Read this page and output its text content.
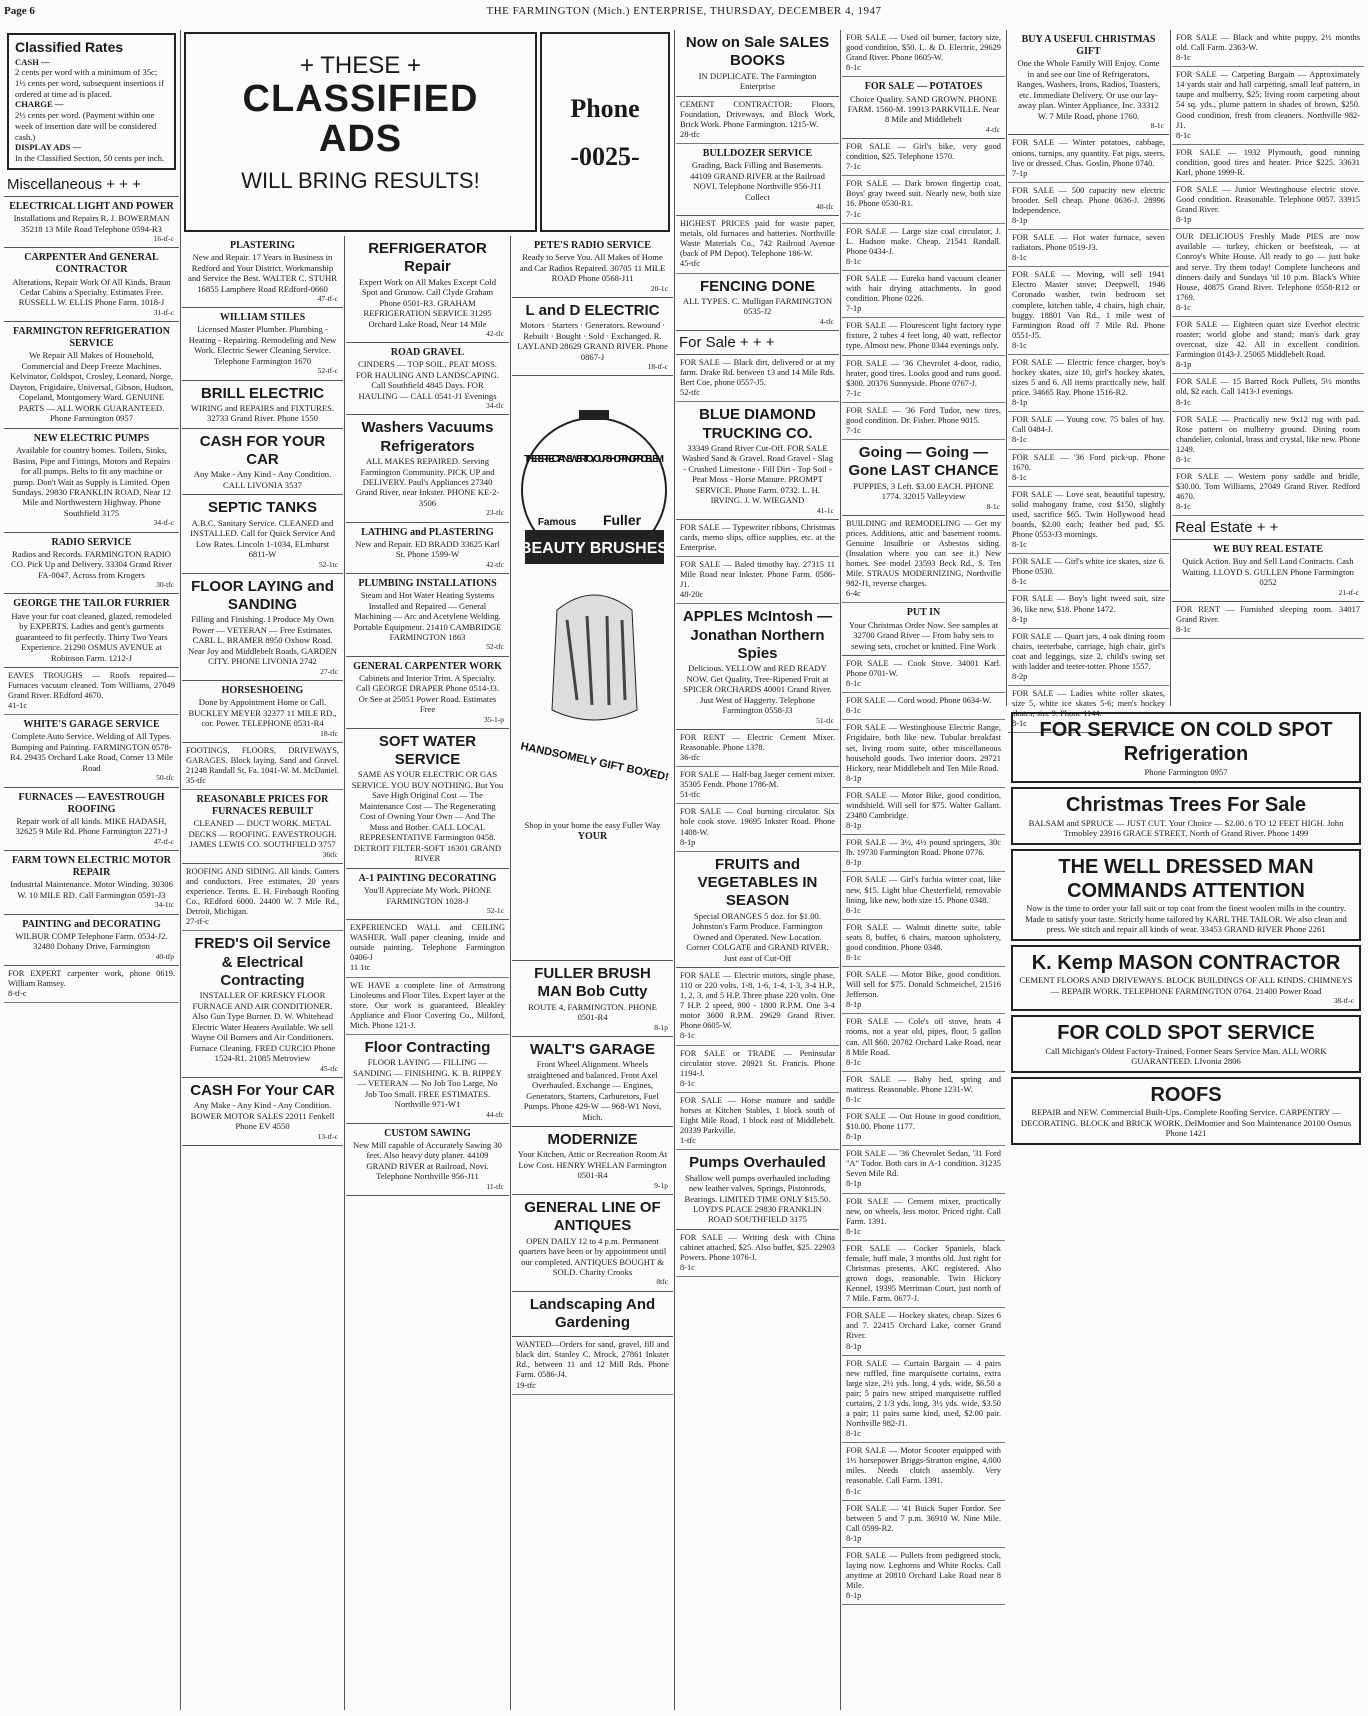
Page 6	THE FARMINGTON (Mich.) ENTERPRISE, THURSDAY, DECEMBER 4, 1947
Classified Rates
CASH —
2 cents per word with a minimum of 35c; 1½ cents per word, subsequent insertions if ordered at time ad is placed.
CHARGE —
2½ cents per word. (Payment within one week of insertion date will be considered cash.)
DISPLAY ADS —
In the Classified Section, 50 cents per inch.
Miscellaneous + + +
ELECTRICAL LIGHT AND POWER
Installations and Repairs R. J. BOWERMAN 35218 13 Mile Road Telephone 0594-R3
16-tf-c
CARPENTER And GENERAL CONTRACTOR
Alterations, Repair Work Of All Kinds. Braun Cedar Cabins a Specialty. Estimates Free. RUSSELL W. ELLIS Phone Farm. 1018-J
31-tf-c
FARMINGTON REFRIGERATION SERVICE
We Repair All Makes of Household, Commercial and Deep Freeze Machines. Kelvinator, Coldspot, Crosley, Leonard, Norge, Dayton, Frigidaire, Universal, Gibson, Hudson, Copeland, Montgomery Ward. GENUINE PARTS — ALL WORK GUARANTEED. Phone Farmington 0957
NEW ELECTRIC PUMPS
Available for country homes. Toilets, Sinks, Basins, Pipe and Fittings, Motors and Repairs for all pumps. Belts to fit any machine or pump. Don't Wait as Supply is Limited. Open Sundays. 29830 FRANKLIN ROAD, Near 12 Mile and Northwestern Highway. Phone Southfield 3175
34-tf-c
RADIO SERVICE
Radios and Records. FARMINGTON RADIO CO. Pick Up and Delivery. 33304 Grand River FA-0047. Across from Krogers
30-tfc
GEORGE THE TAILOR FURRIER
Have your fur coat cleaned, glazed, remodeled by EXPERTS. Ladies and gent's garments guaranteed to fit perfectly. Thirty Two Years Experience. 21290 OSMUS AVENUE at Robinson Farm. 1212-J
EAVES TROUGHS — Roofs repaired—Furnaces vacuum cleaned. Tom Williams, 27049 Grand River. REdford 4670.
41-1c
WHITE'S GARAGE SERVICE
Complete Auto Service. Welding of All Types. Bumping and Painting. FARMINGTON 0578-R4. 29435 Orchard Lake Road, Corner 13 Mile Road
50-tfc
FURNACES — EAVESTROUGH ROOFING
Repair work of all kinds. MIKE HADASH, 32625 9 Mile Rd. Phone Farmington 2271-J
47-tf-c
FARM TOWN ELECTRIC MOTOR REPAIR
Industrial Maintenance. Motor Winding. 30306 W. 10 MILE RD. Call Farmington 0591-J3
34-1tc
PAINTING and DECORATING
WILBUR COMP Telephone Farm. 0534-J2. 32480 Dohany Drive, Farmington
40-tfp
FOR EXPERT carpenter work, phone 0619. William Ramsey.
8-tf-c
+ THESE +
CLASSIFIED
ADS
WILL BRING RESULTS!
Phone
-0025-
PLASTERING
New and Repair. 17 Years in Business in Redford and Your District. Workmanship and Service the Best. WALTER C. STUHR 16855 Lamphere Road REdford-0660
47-tf-c
WILLIAM STILES
Licensed Master Plumber. Plumbing - Heating - Repairing. Remodeling and New Work. Electric Sewer Cleaning Service. Telephone Farmington 1670
52-tf-c
BRILL ELECTRIC
WIRING and REPAIRS and FIXTURES. 32733 Grand River. Phone 1550
CASH FOR YOUR CAR
Any Make - Any Kind - Any Condition. CALL LIVONIA 3537
SEPTIC TANKS
A.B.C. Sanitary Service. CLEANED and INSTALLED. Call for Quick Service And Low Rates. Lincoln 1-1034, ELmhurst 6811-W
52-1tc
FLOOR LAYING and SANDING
Filling and Finishing. I Produce My Own Power — VETERAN — Free Estimates. CARL L. BRAMER 8950 Oxbow Road. Near Joy and Middlebelt Roads, GARDEN CITY. PHONE LIVONIA 2742
27-tfc
HORSESHOEING
Done by Appointment Home or Call. BUCKLEY MEYER 32377 11 MILE RD., cor. Power. TELEPHONE 0531-R4
18-tfc
FOOTINGS, FLOORS, DRIVEWAYS, GARAGES. Block laying. Sand and Gravel. 21248 Randall St. Fa. 1041-W. M. McDaniel.
35-tfc
REASONABLE PRICES FOR FURNACES REBUILT
CLEANED — DUCT WORK. METAL DECKS — ROOFING. EAVESTROUGH. JAMES LEWIS CO. SOUTHFIELD 3757
36tfc
ROOFING AND SIDING. All kinds. Gutters and conductors. Free estimates, 20 years experience. Terms. E. H. Firebaugh Roofing Co., REdford 6000. 24400 W. 7 Mile Rd., Detroit, Michigan.
27-tf-c
FRED'S Oil Service & Electrical Contracting
INSTALLER OF KRESKY FLOOR FURNACE AND AIR CONDITIONER. Also Gun Type Burner. D. W. Whitehead Electric Water Heaters Available. We sell Wayne Oil Burners and Air Conditioners. Furnace Cleaning. FRED CURCIO Phone 1524-R1. 21085 Metroview
45-tfc
CASH For Your CAR
Any Make - Any Kind - Any Condition. BOWER MOTOR SALES 22011 Fenkell Phone EV 4550
13-tf-c
REFRIGERATOR Repair
Expert Work on All Makes Except Cold Spot and Grunow. Call Clyde Graham Phone 0501-R3. GRAHAM REFRIGERATION SERVICE 31295 Orchard Lake Road, Near 14 Mile
42-tfc
ROAD GRAVEL
CINDERS — TOP SOIL. PEAT MOSS. FOR HAULING AND LANDSCAPING. Call Southfield 4845 Days. FOR HAULING — CALL 0541-J1 Evenings
34-tfc
Washers Vacuums Refrigerators
ALL MAKES REPAIRED. Serving Farmington Community. PICK UP and DELIVERY. Paul's Appliances 27340 Grand River, near Inkster. PHONE KE-2-3506
23-tfc
LATHING and PLASTERING
New and Repair. ED BRADD 33625 Karl St. Phone 1599-W
42-tfc
PLUMBING INSTALLATIONS
Steam and Hot Water Heating Systems Installed and Repaired — General Machining — Arc and Acetylene Welding. Portable Equipment. 21410 CAMBRIDGE FARMINGTON 1863
52-tfc
GENERAL CARPENTER WORK
Cabinets and Interior Trim. A Specialty. Call GEORGE DRAPER Phone 0514-J3. Or See at 25051 Power Road. Estimates Free
35-1-p
SOFT WATER SERVICE
SAME AS YOUR ELECTRIC OR GAS SERVICE. YOU BUY NOTHING. But You Save High Original Cost — The Maintenance Cost — The Regenerating Cost of Owning Your Own — And The Muss and Bother. CALL LOCAL REPRESENTATIVE Farmington 0458. DETROIT FILTER-SOFT 16301 GRAND RIVER
A-1 PAINTING DECORATING
You'll Appreciate My Work. PHONE FARMINGTON 1028-J
52-1c
EXPERIENCED WALL and CEILING WASHER. Wall paper cleaning, inside and outside painting. Telephone Farmington 0406-J
11 1tc
WE HAVE a complete line of Armstrong Linoleums and Floor Tiles. Expert layer at the store. Our work is guaranteed. Bleakley Appliance and Floor Covering Co., Milford, Mich. Phone 121-J.
Floor Contracting
FLOOR LAYING — FILLING — SANDING — FINISHING. K. B. RIPPEY — VETERAN — No Job Too Large, No Job Too Small. FREE ESTIMATES. Northville 971-W1
44-tfc
CUSTOM SAWING
New Mill capable of Accurately Sawing 30 feet. Also heavy duty planer. 44109 GRAND RIVER at Railroad, Novi. Telephone Northville 956-J11
11-tfc
PETE'S RADIO SERVICE
Ready to Serve You. All Makes of Home and Car Radios Repaired. 30705 11 MILE ROAD Phone 0568-J11
20-1c
L and D ELECTRIC
Motors · Starters · Generators. Rewound · Rebuilt · Bought · Sold · Exchanged. R. LAYLAND 28629 GRAND RIVER. Phone 0867-J
18-tf-c
THE PERFECT ANSWER TO YOUR SHOPPING PROBLEM
Famous Fuller
BEAUTY BRUSHES
HANDSOMELY GIFT BOXED!
Shop in your home the easy Fuller Way
YOUR
FULLER BRUSH MAN Bob Cutty
ROUTE 4, FARMINGTON. PHONE 0501-R4
8-1p
WALT'S GARAGE
Front Wheel Alignment. Wheels straightened and balanced. Front Axel Overhauled. Exchange — Engines, Generators, Starters, Carburetors, Fuel Pumps. Phone 429-W — 968-W1 Novi, Mich.
MODERNIZE
Your Kitchen, Attic or Recreation Room At Low Cost. HENRY WHELAN Farmington 0501-R4
9-1p
GENERAL LINE OF ANTIQUES
OPEN DAILY 12 to 4 p.m. Permanent quarters have been or by appointment until our completed. ANTIQUES BOUGHT & SOLD. Charity Crooks
8tfc
Landscaping And Gardening
WANTED—Orders for sand, gravel, fill and black dirt. Stanley C. Mrock, 27861 Inkster Rd., between 11 and 12 Mill Rds. Phone Farm. 0586-J4.
19-tfc
Now on Sale SALES BOOKS
IN DUPLICATE. The Farmington Enterprise
CEMENT CONTRACTOR: Floors, Foundation, Driveways, and Block Work, Brick Work. Phone Farmington. 1215-W.
28-tfc
BULLDOZER SERVICE
Grading, Back Filling and Basements. 44109 GRAND RIVER at the Railroad NOVI. Telephone Northville 956-J11 Collect
48-tfc
HIGHEST PRICES paid for waste paper, metals, old furnaces and batteries. Northville Waste Materials Co., 742 Railroad Avenue (back of PM Depot). Telephone 186-W.
45-tfc
FENCING DONE
ALL TYPES. C. Mulligan FARMINGTON 0535-J2
4-tfc
For Sale + + +
FOR SALE — Black dirt, delivered or at my farm. Drake Rd. between 13 and 14 Mile Rds. Bert Coe, phone 0557-J5.
52-tfc
BLUE DIAMOND TRUCKING CO.
33349 Grand River Cut-Off. FOR SALE Washed Sand & Gravel. Road Gravel - Slag - Crushed Limestone - Fill Dirt - Top Soil - Peat Moss - Horse Manure. PROMPT SERVICE. Phone Farm. 0732. L. H. IRVING. J. W. WIEGAND
41-1c
FOR SALE — Typewriter ribbons, Christmas cards, memo slips, office supplies, etc. at the Enterprise.
FOR SALE — Baled timothy hay. 27315 11 Mile Road near Inkster. Phone Farm. 0586-J1.
48-20c
APPLES McIntosh — Jonathan Northern Spies
Delicious. YELLOW and RED READY NOW. Get Quality, Tree-Ripened Fruit at SPICER ORCHARDS 40001 Grand River. Just West of Haggerty. Telephone Farmington 0558-J3
51-tfc
FOR RENT — Electric Cement Mixer. Reasonable. Phone 1378.
36-tfc
FOR SALE — Half-bag Jaeger cement mixer. 35305 Fendt. Phone 1786-M.
51-tfc
FOR SALE — Coal burning circulator. Six hole cook stove. 19695 Inkster Road. Phone 1408-W.
8-1p
FRUITS and VEGETABLES IN SEASON
Special ORANGES 5 doz. for $1.00. Johnston's Farm Produce. Farmington Owned and Operated. New Location. Corner COLGATE and GRAND RIVER. Just east of Cut-Off
FOR SALE — Electric motors, single phase, 110 or 220 volts, 1-8, 1-6, 1-4, 1-3, 3-4 H.P., 1, 2, 3, and 5 H.P. Three phase 220 volts. One 7 H.P. 2 speed, 900 - 1800 R.P.M. One 3-4 motor 3600 R.P.M. 29629 Grand River. Phone 0605-W.
8-1c
FOR SALE or TRADE — Peninsular circulator stove. 20921 St. Francis. Phone 1194-J.
8-1c
FOR SALE — Horse manure and saddle horses at Kitchen Stables, 1 block south of Eight Mile Road, 1 block east of Middlebelt. 20339 Parkville.
1-tfc
Pumps Overhauled
Shallow well pumps overhauled including new leather valves, Springs, Pistonrods, Bearings. LIMITED TIME ONLY $15.50. LOYD'S PLACE 29830 FRANKLIN ROAD SOUTHFIELD 3175
FOR SALE — Writing desk with China cabinet attached, $25. Also buffet, $25. 22903 Powers. Phone 1076-J.
8-1c
FOR SALE — Used oil burner, factory size, good condition, $50. L. & D. Electric, 29629 Grand River. Phone 0605-W.
8-1c
FOR SALE — POTATOES
Choice Quality. SAND GROWN. PHONE FARM. 1560-M. 19913 PARKVILLE. Near 8 Mile and Middlebelt
4-tfc
FOR SALE — Girl's bike, very good condition, $25. Telephone 1570.
7-1c
FOR SALE — Dark brown fingertip coat, Boys' gray tweed suit. Nearly new, both size 16. Phone 0530-R1.
7-1c
FOR SALE — Large size coal circulator, J. L. Hudson make. Cheap. 21541 Randall. Phone 0434-J.
8-1c
FOR SALE — Eureka hand vacuum cleaner with hair drying attachments. In good condition. Phone 0226.
7-1p
FOR SALE — Flourescent light factory type fixture, 2 tubes 4 feet long, 40 watt, reflector type. Almost new. Phone 0344 evenings only.
FOR SALE — '36 Chevrolet 4-door, radio, heater, good tires. Looks good and runs good. $300. 20376 Sunnyside. Phone 0767-J.
7-1c
FOR SALE — '36 Ford Tudor, new tires, good condition. Dr. Fisher. Phone 9015.
7-1c
Going — Going — Gone LAST CHANCE
PUPPIES, 3 Left. $3.00 EACH. PHONE 1774. 32015 Valleyview
8-1c
BUILDING and REMODELING — Get my prices. Additions, attic and basement rooms. Genuine Insulbrie or Asbestos siding. (Insulation where you can see it.) New homes. See model 23593 Beck Rd., S. Ten Mile. STRAUS MODERNIZING, Northville 982-J1, reverse charges.
6-4c
PUT IN
Your Christmas Order Now. See samples at 32700 Grand River — From baby sets to sewing sets, crochet or knitted. Fine Work
FOR SALE — Cook Stove. 34001 Karl. Phone 0701-W.
8-1c
FOR SALE — Cord wood. Phone 0634-W.
8-1c
FOR SALE — Westinghouse Electric Range, Frigidaire, both like new. Tubular breakfast set, living room suite, other miscellaneous household goods. Two interior doors. 29721 Hickory, near Middlebelt and Ten Mile Road.
8-1p
FOR SALE — Motor Bike, good condition, windshield. Will sell for $75. Walter Gallant. 23480 Cambridge.
8-1p
FOR SALE — 3½, 4½ pound springers, 30c lb. 19730 Farmington Road. Phone 0776.
8-1p
FOR SALE — Girl's fuchia winter coat, like new, $15. Light blue Chesterfield, removable lining, like new, both size 15. Phone 0348.
8-1c
FOR SALE — Walnut dinette suite, table seats 8, buffet, 6 chairs, maroon upholstery, good condition. Phone 0348.
8-1c
FOR SALE — Motor Bike, good condition. Will sell for $75. Donald Schmeichel, 21516 Jefferson.
8-1p
FOR SALE — Cole's oil stove, heats 4 rooms, not a year old, pipes, floor, 5 gallon can. All $60. 20782 Orchard Lake Road, near 8 Mile Road.
8-1c
FOR SALE — Baby bed, spring and mattress. Reasonable. Phone 1231-W.
8-1c
FOR SALE — Out House in good condition, $10.00. Phone 1177.
8-1p
FOR SALE — '36 Chevrolet Sedan, '31 Ford "A" Tudor. Both cars in A-1 condition. 31235 Seven Mile Rd.
8-1p
FOR SALE — Cement mixer, practically new, on wheels, less motor. Priced right. Call Farm. 1391.
8-1c
FOR SALE — Cocker Spaniels, black female, buff male, 3 months old. Just right for Christmas presents. AKC registered. Also grown dogs, reasonable. Twin Hickory Kennel, 19395 Merriman Court, just north of 7 Mile. Farm. 0677-J.
FOR SALE — Hockey skates, cheap. Sizes 6 and 7. 22415 Orchard Lake, corner Grand River.
8-1p
FOR SALE — Curtain Bargain — 4 pairs new ruffled, fine marquisette curtains, extra large size, 2½ yds. long, 4 yds. wide, $6.50 a pair; 5 pairs new striped marquisette ruffled curtains, 2 1/3 yds. long, 3½ yds. wide, $3.50 a pair; 11 pairs same kind, used, $2.00 pair. Northville 982-J1.
8-1c
FOR SALE — Motor Scooter equipped with 1½ horsepower Briggs-Stratton engine, 4,000 miles. Needs clutch assembly. Very reasonable. Call Farm. 1391.
8-1c
FOR SALE — '41 Buick Super Fordor. See between 5 and 7 p.m. 36910 W. Nine Mile. Call 0599-R2.
8-1p
FOR SALE — Pullets from pedigreed stock, laying now. Leghorns and White Rocks. Call anytime at 20810 Orchard Lake Road near 8 Mile.
8-1p
BUY A USEFUL CHRISTMAS GIFT
One the Whole Family Will Enjoy. Come in and see our line of Refrigerators, Ranges, Washers, Irons, Radios, Toasters, etc. Immediate Delivery. Or use our lay-away plan. Winter Appliance, Inc. 33312 W. 7 Mile Road, phone 1760.
8-1c
FOR SALE — Winter potatoes, cabbage, onions, turnips, any quantity. Fat pigs, steers, live or dressed. Chas. Goslin, Phone 0740.
7-1p
FOR SALE — 500 capacity new electric brooder. Sell cheap. Phone 0636-J. 28996 Independence.
8-1p
FOR SALE — Hot water furnace, seven radiators. Phone 0519-J3.
8-1c
FOR SALE — Moving, will sell 1941 Electro Master stove; Deepwell, 1946 Coronado washer, twin bedroom set complete, kitchen table, 4 chairs, high chair, buggy. 18801 Van Rd., 1 mile west of Farmington Road off 7 Mile Rd. Phone 0551-J5.
8-1c
FOR SALE — Electric fence charger, boy's hockey skates, size 10, girl's hockey skates, sizes 5 and 6. All items practically new, half price. 34665 Ray. Phone 1516-R2.
8-1p
FOR SALE — Young cow. 75 bales of hay. Call 0484-J.
8-1c
FOR SALE — '36 Ford pick-up. Phone 1670.
8-1c
FOR SALE — Love seat, beautiful tapestry, solid mahogany frame, cost $150, slightly used, sacrifice $65. Twin Hollywood head boards, $2.00 each; feather bed pad, $5. Phone 0553-J3 mornings.
8-1c
FOR SALE — Girl's white ice skates, size 6. Phone 0530.
8-1c
FOR SALE — Boy's light tweed suit, size 36, like new, $18. Phone 1472.
8-1p
FOR SALE — Quart jars, 4 oak dining room chairs, teeterbabe, carriage, high chair, girl's coat and leggings, size 2, child's swing set with ladder and teeter-totter. Phone 1557.
8-2p
FOR SALE — Ladies white roller skates, size 5, white ice skates 5-6; men's hockey skates, size 9. Phone 1144.
8-1c
FOR SALE — Black and white puppy, 2½ months old. Call Farm. 2363-W.
8-1c
FOR SALE — Carpeting Bargain — Approximately 14 yards stair and hall carpeting, small leaf pattern, in taupe and mulberry, $25; living room carpeting about 54 sq. yds., plume pattern in shades of brown, $250. Good condition, fresh from cleaners. Northville 982-J1.
8-1c
FOR SALE — 1932 Plymouth, good running condition, good tires and heater. Price $225. 33631 Karl, phone 1999-R.
FOR SALE — Junior Westinghouse electric stove. Good condition. Reasonable. Telephone 0057. 33915 Grand River.
8-1p
OUR DELICIOUS Freshly Made PIES are now available — turkey, chicken or beefsteak, — at Conroy's White House. All ready to go — just bake and serve. Try them today! Complete luncheons and dinners daily and Sundays 'til 10 p.m. Black's White House, 40875 Grand River. Telephone 0558-R12 or 1769.
8-1c
FOR SALE — Eighteen quart size Everhot electric roaster; world globe and stand; man's dark gray overcoat, size 42. All in excellent condition. Farmington 0143-J. 25065 Middlebelt Road.
8-1p
FOR SALE — 15 Barred Rock Pullets, 5½ months old, $2 each. Call 1413-J evenings.
8-1c
FOR SALE — Practically new 9x12 rug with pad. Rose pattern on mulberry ground. Dining room chandelier, colonial, brass and crystal, like new. Phone 1249.
8-1c
FOR SALE — Western pony saddle and bridle, $30.00. Tom Williams, 27049 Grand River. Redford 4670.
8-1c
Real Estate + +
WE BUY REAL ESTATE
Quick Action. Buy and Sell Land Contracts. Cash Waiting. LLOYD S. GULLEN Phone Farmington 0252
21-tf-c
FOR RENT — Furnished sleeping room. 34017 Grand River.
8-1c
FOR SERVICE ON COLD SPOT Refrigeration
Phone Farmington 0957
Christmas Trees For Sale
BALSAM and SPRUCE — JUST CUT. Your Choice — $2.00. 6 TO 12 FEET HIGH. John Trmobley 23916 GRACE STREET, North of Grand River. Phone 1499
THE WELL DRESSED MAN COMMANDS ATTENTION
Now is the time to order your fall suit or top coat from the finest woolen mills in the country. Made to satisfy your taste. Strictly home tailored by KARL THE TAILOR. We also clean and press. We stitch and repair all kinds of wear. 33453 GRAND RIVER Phone 2261
K. Kemp MASON CONTRACTOR
CEMENT FLOORS AND DRIVEWAYS. BLOCK BUILDINGS OF ALL KINDS. CHIMNEYS — REPAIR WORK. TELEPHONE FARMINGTON 0764. 21400 Power Road
38-tf-c
FOR COLD SPOT SERVICE
Call Michigan's Oldest Factory-Trained, Former Sears Service Man. ALL WORK GUARANTEED. LIvonia 2806
ROOFS
REPAIR and NEW. Commercial Built-Ups. Complete Roofing Service. CARPENTRY — DECORATING. BLOCK and BRICK WORK. DelMontier and Son Maintenance 20100 Osmus Phone 1421
